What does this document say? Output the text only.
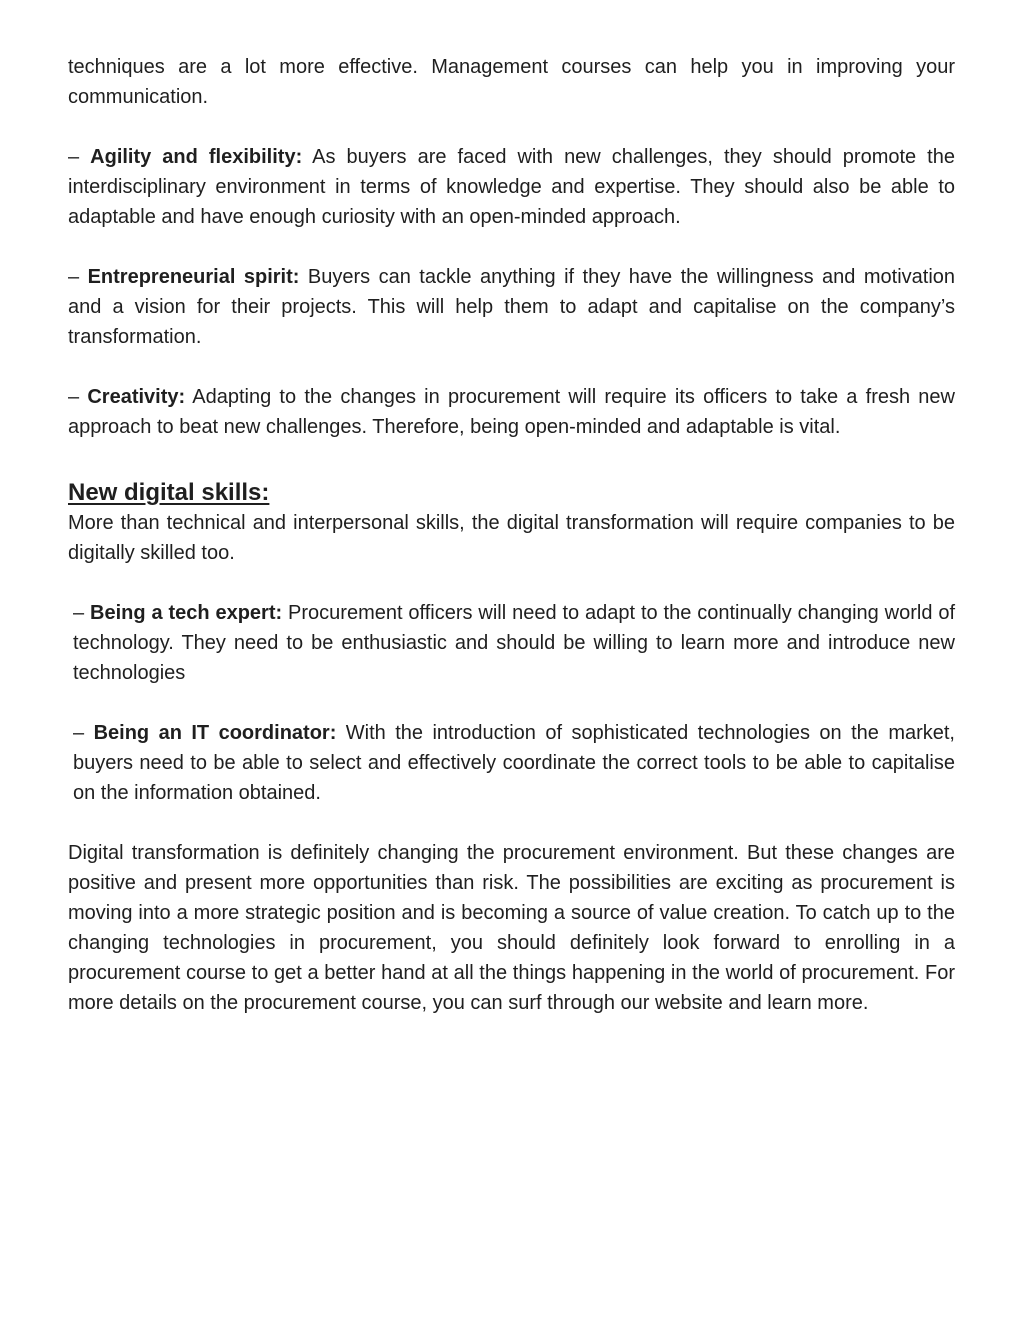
techniques are a lot more effective. Management courses can help you in improving your communication.

– Agility and flexibility: As buyers are faced with new challenges, they should promote the interdisciplinary environment in terms of knowledge and expertise. They should also be able to adaptable and have enough curiosity with an open-minded approach.

– Entrepreneurial spirit: Buyers can tackle anything if they have the willingness and motivation and a vision for their projects. This will help them to adapt and capitalise on the company’s transformation.

– Creativity: Adapting to the changes in procurement will require its officers to take a fresh new approach to beat new challenges. Therefore, being open-minded and adaptable is vital.

New digital skills:

More than technical and interpersonal skills, the digital transformation will require companies to be digitally skilled too.

– Being a tech expert: Procurement officers will need to adapt to the continually changing world of technology. They need to be enthusiastic and should be willing to learn more and introduce new technologies

– Being an IT coordinator: With the introduction of sophisticated technologies on the market, buyers need to be able to select and effectively coordinate the correct tools to be able to capitalise on the information obtained.

Digital transformation is definitely changing the procurement environment. But these changes are positive and present more opportunities than risk. The possibilities are exciting as procurement is moving into a more strategic position and is becoming a source of value creation. To catch up to the changing technologies in procurement, you should definitely look forward to enrolling in a procurement course to get a better hand at all the things happening in the world of procurement. For more details on the procurement course, you can surf through our website and learn more.
